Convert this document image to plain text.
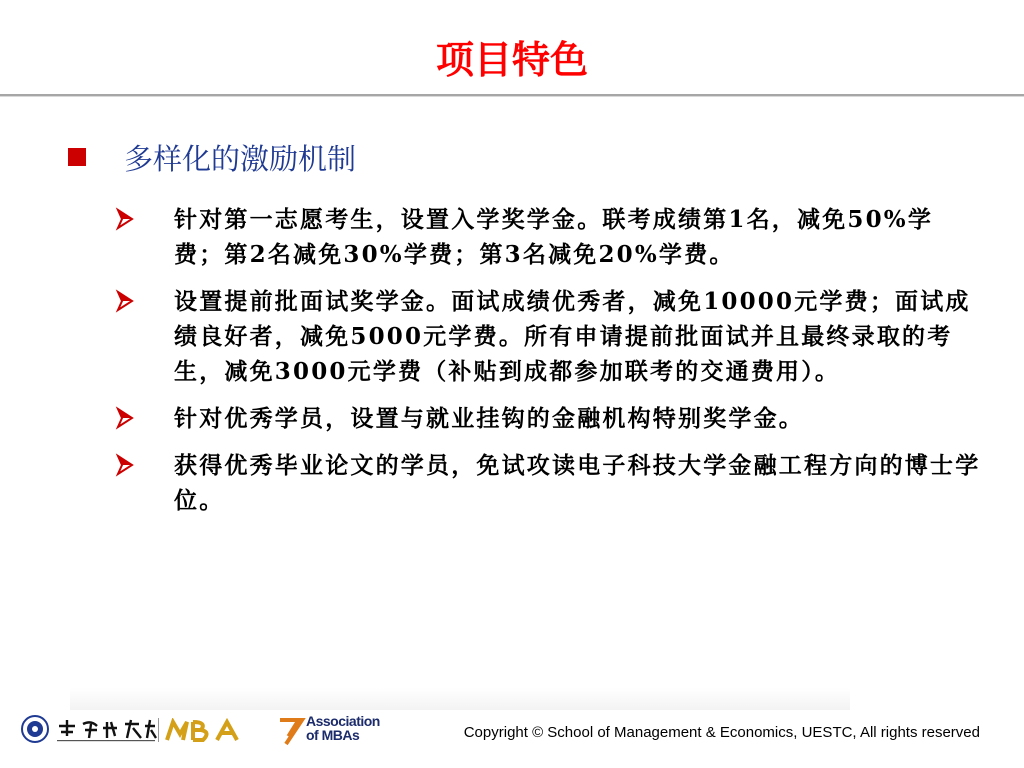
项目特色
多样化的激励机制
针对第一志愿考生，设置入学奖学金。联考成绩第1名，减免50%学费；第2名减免30%学费；第3名减免20%学费。
设置提前批面试奖学金。面试成绩优秀者，减免10000元学费；面试成绩良好者，减免5000元学费。所有申请提前批面试并且最终录取的考生，减免3000元学费（补贴到成都参加联考的交通费用）。
针对优秀学员，设置与就业挂钩的金融机构特别奖学金。
获得优秀毕业论文的学员，免试攻读电子科技大学金融工程方向的博士学位。
Association
of MBAs	Copyright © School of Management & Economics, UESTC, All rights reserved
